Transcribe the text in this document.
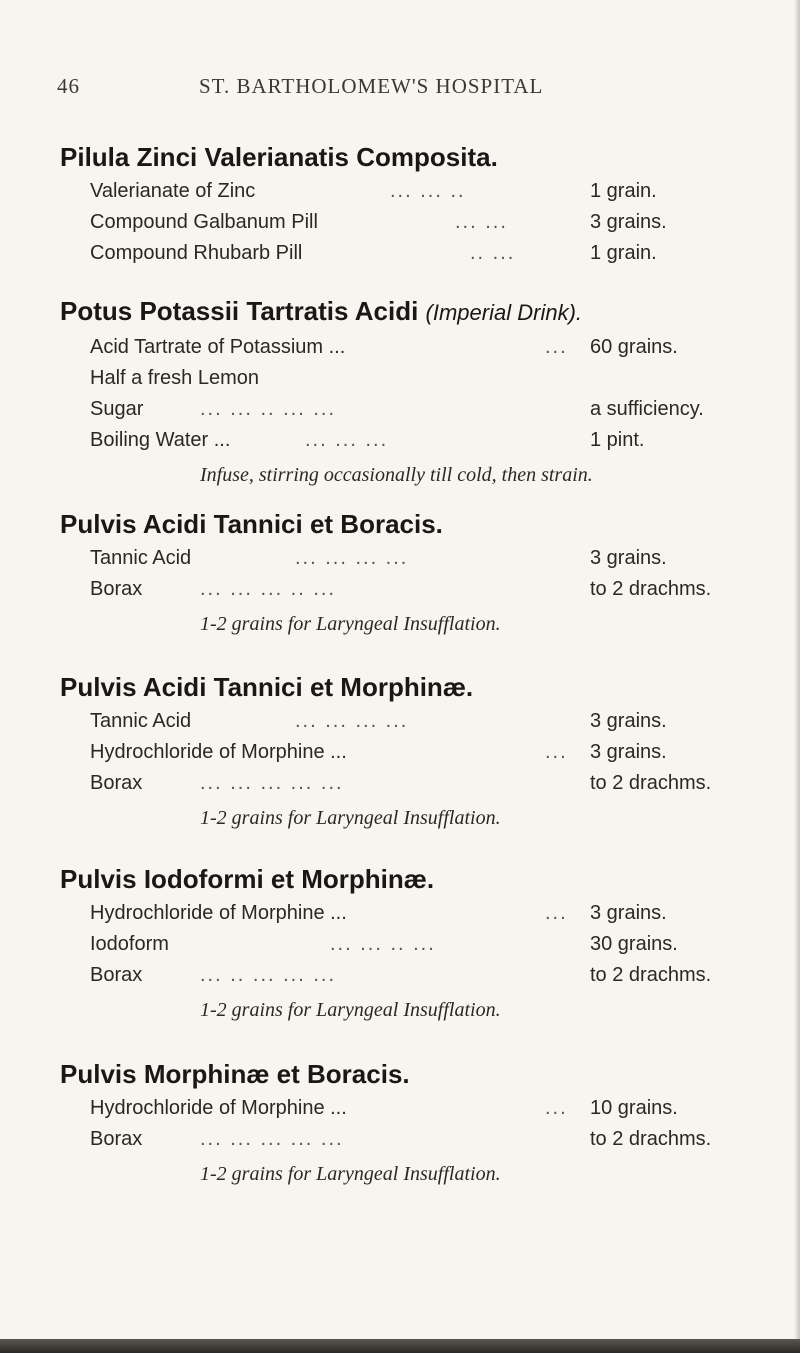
46	ST. BARTHOLOMEW'S HOSPITAL
Pilula Zinci Valerianatis Composita.
Valerianate of Zinc	... ... ..	1 grain.
Compound Galbanum Pill	... ...	3 grains.
Compound Rhubarb Pill	.. ...	1 grain.
Potus Potassii Tartratis Acidi (Imperial Drink).
Acid Tartrate of Potassium ...	... 60 grains.
Half a fresh Lemon
Sugar	... ... .. ... ...	a sufficiency.
Boiling Water ...	... ... ...	1 pint.
Infuse, stirring occasionally till cold, then strain.
Pulvis Acidi Tannici et Boracis.
Tannic Acid	... ... ... ...	3 grains.
Borax	... ... ... .. ...	to 2 drachms.
1-2 grains for Laryngeal Insufflation.
Pulvis Acidi Tannici et Morphinæ.
Tannic Acid	... ... ... ...	3 grains.
Hydrochloride of Morphine ...	... 3 grains.
Borax	... ... ... ... ...	to 2 drachms.
1-2 grains for Laryngeal Insufflation.
Pulvis Iodoformi et Morphinæ.
Hydrochloride of Morphine ...	... 3 grains.
Iodoform	... ... .. ...	30 grains.
Borax	... .. ... ... ...	to 2 drachms.
1-2 grains for Laryngeal Insufflation.
Pulvis Morphinæ et Boracis.
Hydrochloride of Morphine ...	... 10 grains.
Borax	... ... ... ... ...	to 2 drachms.
1-2 grains for Laryngeal Insufflation.
